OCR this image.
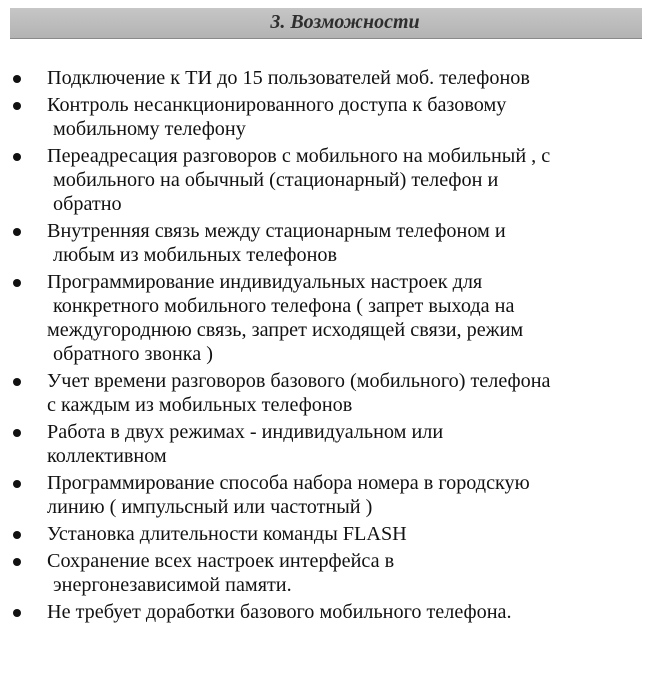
3. Возможности
Подключение к ТИ до 15 пользователей моб. телефонов
Контроль несанкционированного доступа к базовому
мобильному телефону
Переадресация разговоров с мобильного на мобильный , с
мобильного на обычный (стационарный) телефон и
обратно
Внутренняя связь между стационарным телефоном и
любым из мобильных телефонов
Программирование индивидуальных настроек для
конкретного мобильного телефона ( запрет выхода на
междугороднюю связь, запрет исходящей связи, режим
обратного звонка )
Учет времени разговоров базового (мобильного) телефона
с каждым из мобильных телефонов
Работа в двух режимах - индивидуальном или
коллективном
Программирование способа набора номера в городскую
линию ( импульсный или частотный )
Установка длительности команды FLASH
Сохранение всех настроек интерфейса в
энергонезависимой памяти.
Не требует доработки базового мобильного телефона.
